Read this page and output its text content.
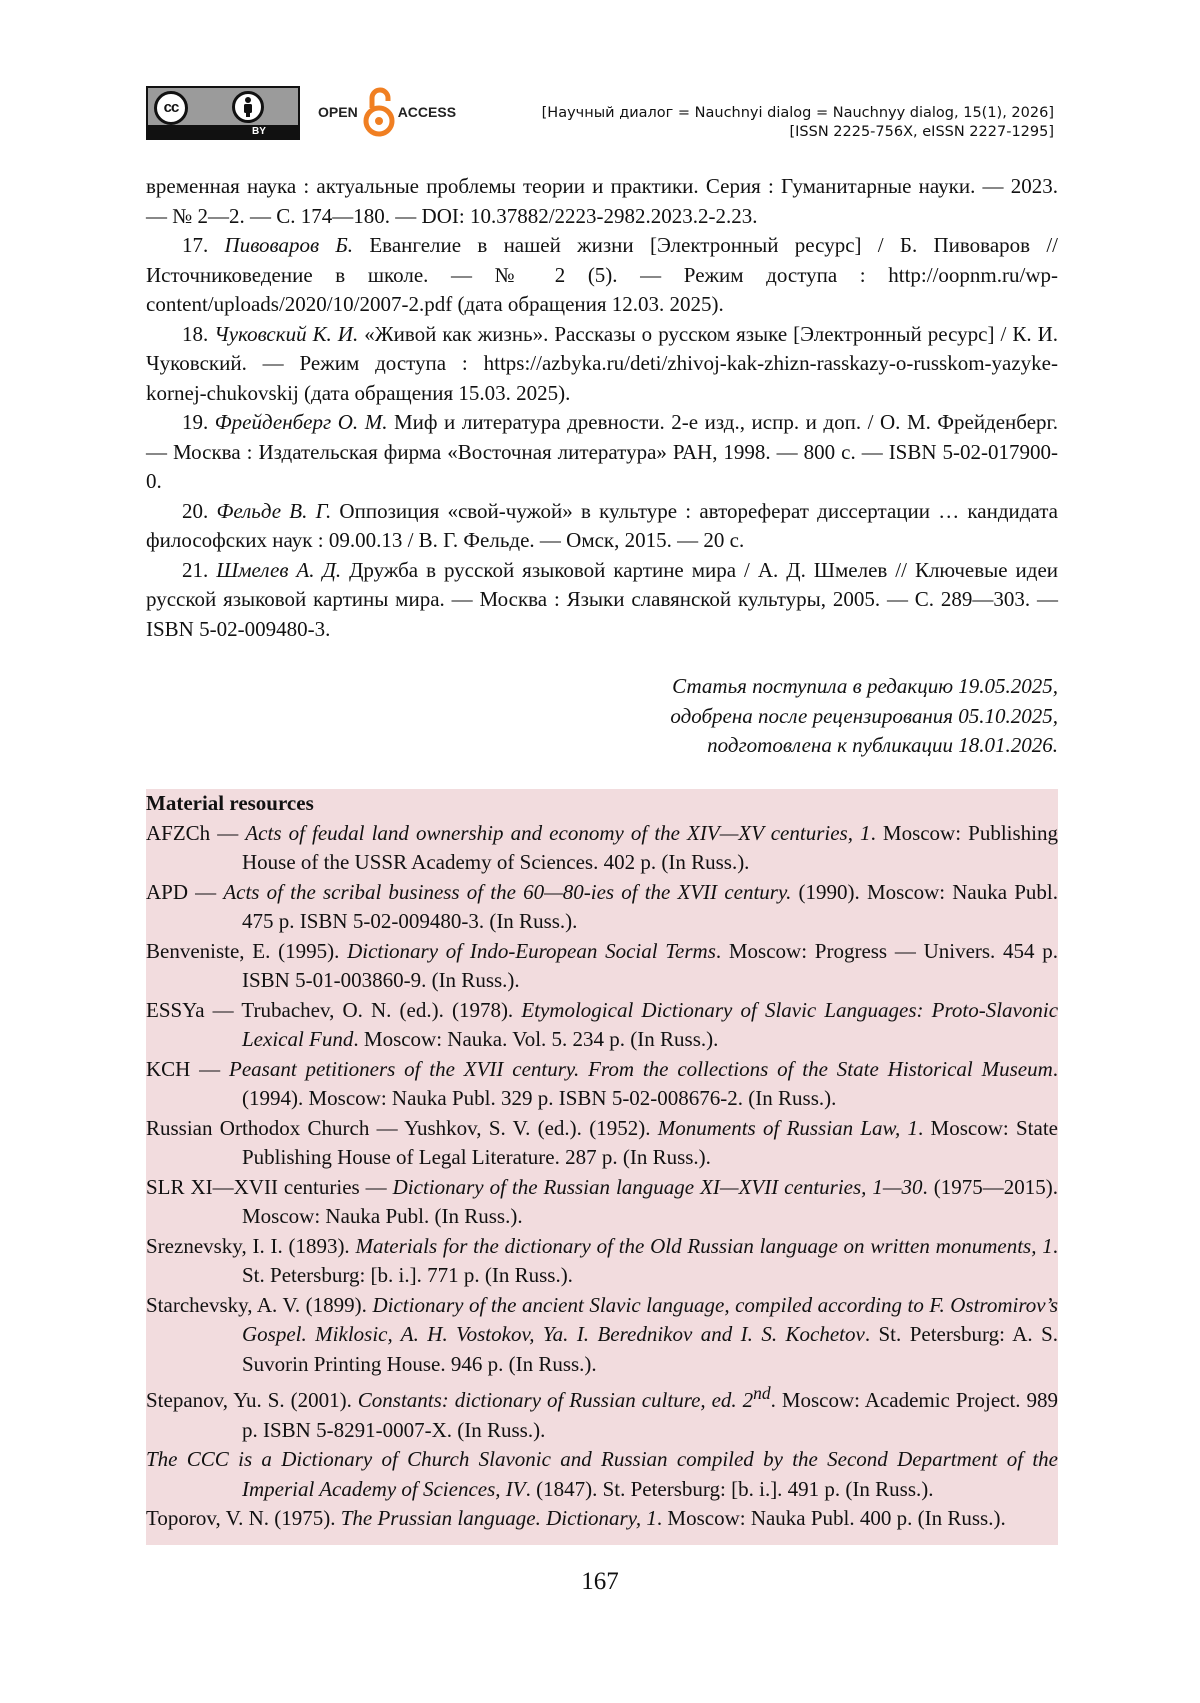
cc
BY
OPEN	ACCESS	[Научный диалог = Nauchnyi dialog = Nauchnyy dialog, 15(1), 2026]
[ISSN 2225-756X, eISSN 2227-1295]

временная наука : актуальные проблемы теории и практики. Серия : Гуманитарные науки. — 2023. — № 2—2. — С. 174—180. — DOI: 10.37882/2223-2982.2023.2-2.23.

17. Пивоваров Б. Евангелие в нашей жизни [Электронный ресурс] / Б. Пивоваров // Источниковедение в школе. — № 2 (5). — Режим доступа : http://oopnm.ru/wp-content/uploads/2020/10/2007-2.pdf (дата обращения 12.03. 2025).

18. Чуковский К. И. «Живой как жизнь». Рассказы о русском языке [Электронный ресурс] / К. И. Чуковский. — Режим доступа : https://azbyka.ru/deti/zhivoj-kak-zhizn-rasskazy-o-russkom-yazyke-kornej-chukovskij (дата обращения 15.03. 2025).

19. Фрейденберг О. М. Миф и литература древности. 2-е изд., испр. и доп. / О. М. Фрейденберг. — Москва : Издательская фирма «Восточная литература» РАН, 1998. — 800 с. — ISBN 5-02-017900-0.

20. Фельде В. Г. Оппозиция «свой-чужой» в культуре : автореферат диссертации … кандидата философских наук : 09.00.13 / В. Г. Фельде. — Омск, 2015. — 20 с.

21. Шмелев А. Д. Дружба в русской языковой картине мира / А. Д. Шмелев // Ключевые идеи русской языковой картины мира. — Москва : Языки славянской культуры, 2005. — С. 289—303. — ISBN 5-02-009480-3.

Статья поступила в редакцию 19.05.2025,
одобрена после рецензирования 05.10.2025,
подготовлена к публикации 18.01.2026.
Material resources

AFZCh — Acts of feudal land ownership and economy of the XIV—XV centuries, 1. Moscow: Publishing House of the USSR Academy of Sciences. 402 p. (In Russ.).

APD — Acts of the scribal business of the 60—80-ies of the XVII century. (1990). Moscow: Nauka Publ. 475 p. ISBN 5-02-009480-3. (In Russ.).

Benveniste, E. (1995). Dictionary of Indo-European Social Terms. Moscow: Progress — Univers. 454 p. ISBN 5-01-003860-9. (In Russ.).

ESSYa — Trubachev, O. N. (ed.). (1978). Etymological Dictionary of Slavic Languages: Proto-Slavonic Lexical Fund. Moscow: Nauka. Vol. 5. 234 p. (In Russ.).

KCH — Peasant petitioners of the XVII century. From the collections of the State Historical Museum. (1994). Moscow: Nauka Publ. 329 p. ISBN 5-02-008676-2. (In Russ.).

Russian Orthodox Church — Yushkov, S. V. (ed.). (1952). Monuments of Russian Law, 1. Moscow: State Publishing House of Legal Literature. 287 p. (In Russ.).

SLR XI—XVII centuries — Dictionary of the Russian language XI—XVII centuries, 1—30. (1975—2015). Moscow: Nauka Publ. (In Russ.).

Sreznevsky, I. I. (1893). Materials for the dictionary of the Old Russian language on written monuments, 1. St. Petersburg: [b. i.]. 771 p. (In Russ.).

Starchevsky, A. V. (1899). Dictionary of the ancient Slavic language, compiled according to F. Ostromirov’s Gospel. Miklosic, A. H. Vostokov, Ya. I. Berednikov and I. S. Kochetov. St. Petersburg: A. S. Suvorin Printing House. 946 p. (In Russ.).

Stepanov, Yu. S. (2001). Constants: dictionary of Russian culture, ed. 2nd. Moscow: Academic Project. 989 p. ISBN 5-8291-0007-X. (In Russ.).

The CCC is a Dictionary of Church Slavonic and Russian compiled by the Second Department of the Imperial Academy of Sciences, IV. (1847). St. Petersburg: [b. i.]. 491 p. (In Russ.).

Toporov, V. N. (1975). The Prussian language. Dictionary, 1. Moscow: Nauka Publ. 400 p. (In Russ.).

167
